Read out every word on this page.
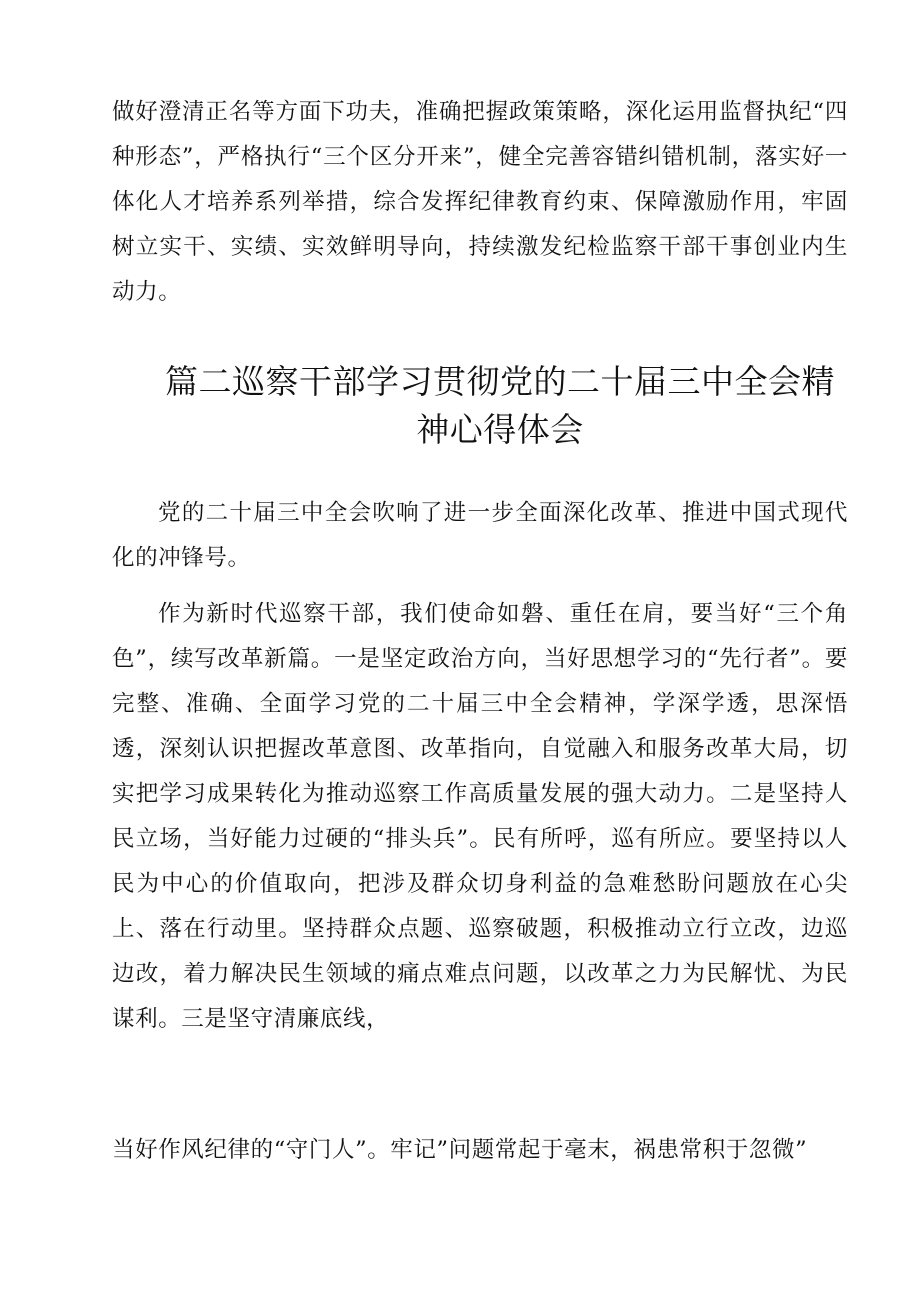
做好澄清正名等方面下功夫，准确把握政策策略，深化运用监督执纪“四种形态”，严格执行“三个区分开来”，健全完善容错纠错机制，落实好一体化人才培养系列举措，综合发挥纪律教育约束、保障激励作用，牢固树立实干、实绩、实效鲜明导向，持续激发纪检监察干部干事创业内生动力。

篇二巡察干部学习贯彻党的二十届三中全会精神心得体会

党的二十届三中全会吹响了进一步全面深化改革、推进中国式现代化的冲锋号。

作为新时代巡察干部，我们使命如磐、重任在肩，要当好“三个角色”，续写改革新篇。一是坚定政治方向，当好思想学习的“先行者”。要完整、准确、全面学习党的二十届三中全会精神，学深学透，思深悟透，深刻认识把握改革意图、改革指向，自觉融入和服务改革大局，切实把学习成果转化为推动巡察工作高质量发展的强大动力。二是坚持人民立场，当好能力过硬的“排头兵”。民有所呼，巡有所应。要坚持以人民为中心的价值取向，把涉及群众切身利益的急难愁盼问题放在心尖上、落在行动里。坚持群众点题、巡察破题，积极推动立行立改，边巡边改，着力解决民生领域的痛点难点问题，以改革之力为民解忧、为民谋利。三是坚守清廉底线，

当好作风纪律的“守门人”。牢记”问题常起于毫末，祸患常积于忽微”
